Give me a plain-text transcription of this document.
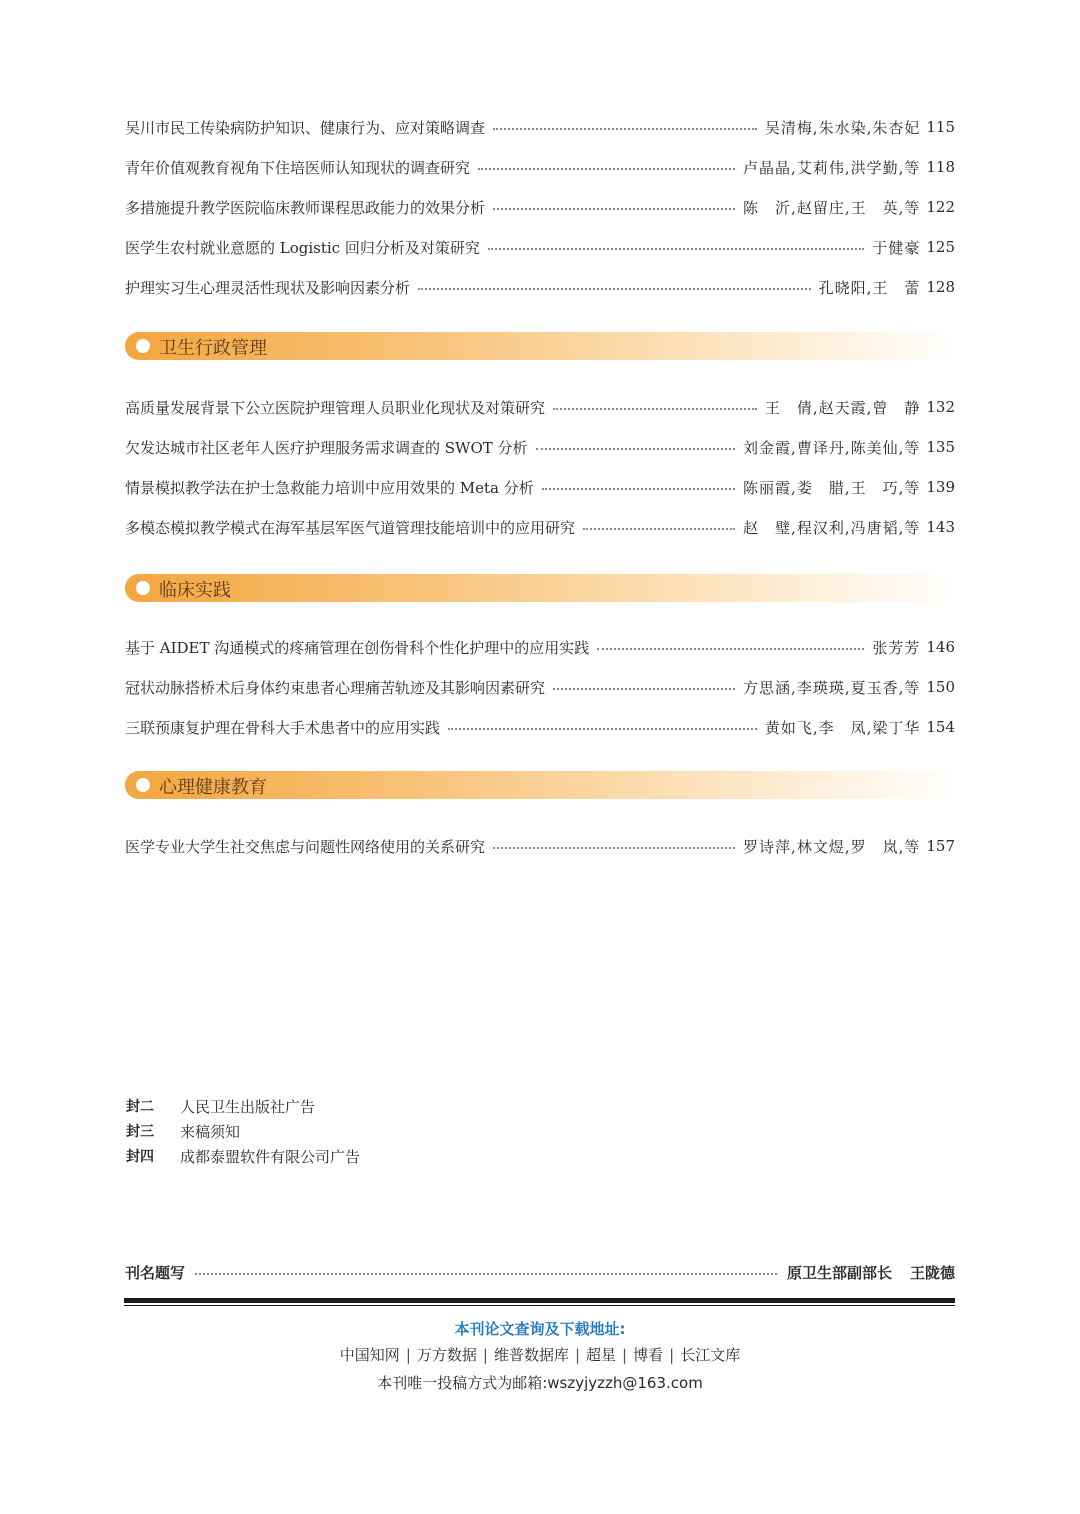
吴川市民工传染病防护知识、健康行为、应对策略调查	吴清梅,朱水染,朱杏妃 115
青年价值观教育视角下住培医师认知现状的调查研究	卢晶晶,艾莉伟,洪学勤,等 118
多措施提升教学医院临床教师课程思政能力的效果分析	陈　沂,赵留庄,王　英,等 122
医学生农村就业意愿的 Logistic 回归分析及对策研究	于健豪 125
护理实习生心理灵活性现状及影响因素分析	孔晓阳,王　蕾 128
卫生行政管理
高质量发展背景下公立医院护理管理人员职业化现状及对策研究	王　倩,赵天霞,曾　静 132
欠发达城市社区老年人医疗护理服务需求调查的 SWOT 分析	刘金霞,曹译丹,陈美仙,等 135
情景模拟教学法在护士急救能力培训中应用效果的 Meta 分析	陈丽霞,娄　腊,王　巧,等 139
多模态模拟教学模式在海军基层军医气道管理技能培训中的应用研究	赵　璧,程汉利,冯唐韬,等 143
临床实践
基于 AIDET 沟通模式的疼痛管理在创伤骨科个性化护理中的应用实践	张芳芳 146
冠状动脉搭桥术后身体约束患者心理痛苦轨迹及其影响因素研究	方思涵,李瑛瑛,夏玉香,等 150
三联预康复护理在骨科大手术患者中的应用实践	黄如飞,李　凤,梁丁华 154
心理健康教育
医学专业大学生社交焦虑与问题性网络使用的关系研究	罗诗萍,林文煜,罗　岚,等 157
封二	人民卫生出版社广告
封三	来稿须知
封四	成都泰盟软件有限公司广告
刊名题写	原卫生部副部长 王陇德
本刊论文查询及下载地址:
中国知网 | 万方数据 | 维普数据库 | 超星 | 博看 | 长江文库
本刊唯一投稿方式为邮箱:wszyjyzzh@163.com
